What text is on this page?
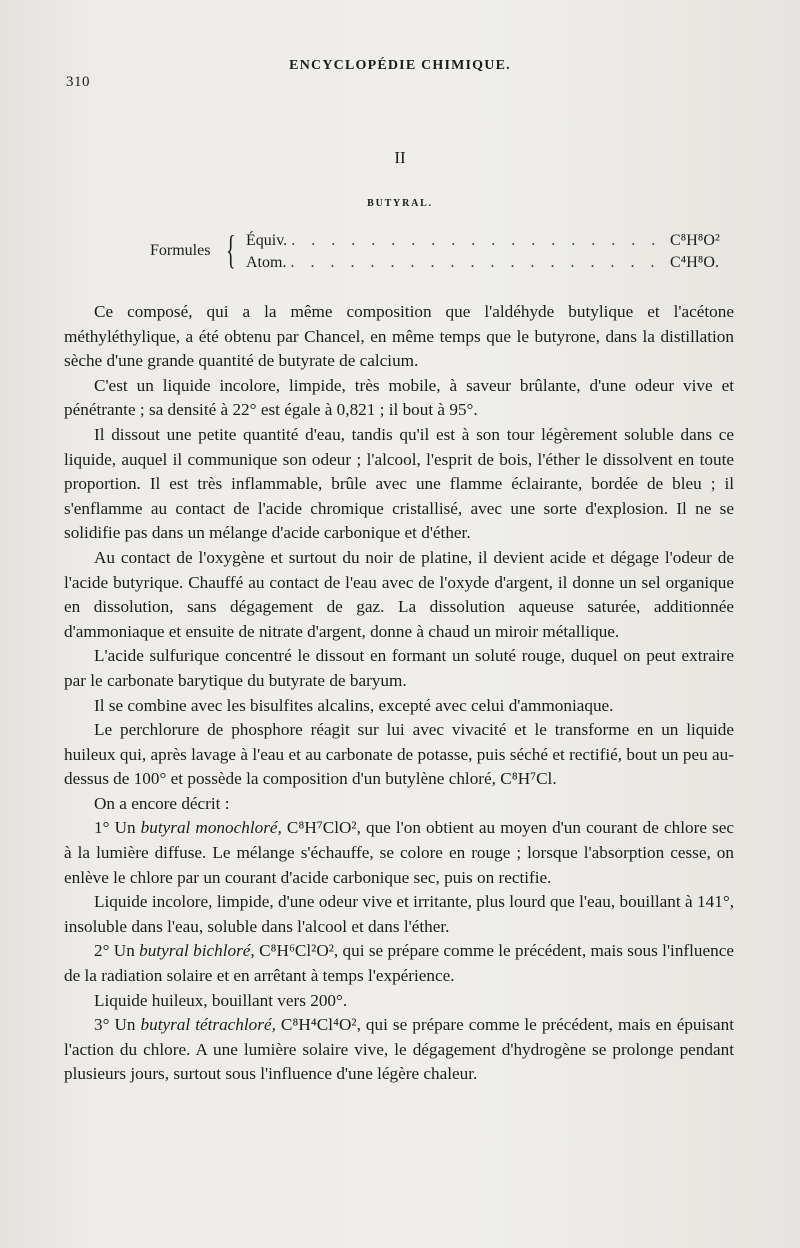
310
ENCYCLOPÉDIE CHIMIQUE.
II
BUTYRAL.
Formules { Équiv. . . .	C⁸H⁸O²
Atom. . . .	C⁴H⁸O.

Ce composé, qui a la même composition que l'aldéhyde butylique et l'acétone méthyléthylique, a été obtenu par Chancel, en même temps que le butyrone, dans la distillation sèche d'une grande quantité de butyrate de calcium.

C'est un liquide incolore, limpide, très mobile, à saveur brûlante, d'une odeur vive et pénétrante ; sa densité à 22° est égale à 0,821 ; il bout à 95°.

Il dissout une petite quantité d'eau, tandis qu'il est à son tour légèrement soluble dans ce liquide, auquel il communique son odeur ; l'alcool, l'esprit de bois, l'éther le dissolvent en toute proportion. Il est très inflammable, brûle avec une flamme éclairante, bordée de bleu ; il s'enflamme au contact de l'acide chromique cristallisé, avec une sorte d'explosion. Il ne se solidifie pas dans un mélange d'acide carbonique et d'éther.

Au contact de l'oxygène et surtout du noir de platine, il devient acide et dégage l'odeur de l'acide butyrique. Chauffé au contact de l'eau avec de l'oxyde d'argent, il donne un sel organique en dissolution, sans dégagement de gaz. La dissolution aqueuse saturée, additionnée d'ammoniaque et ensuite de nitrate d'argent, donne à chaud un miroir métallique.

L'acide sulfurique concentré le dissout en formant un soluté rouge, duquel on peut extraire par le carbonate barytique du butyrate de baryum.

Il se combine avec les bisulfites alcalins, excepté avec celui d'ammoniaque.

Le perchlorure de phosphore réagit sur lui avec vivacité et le transforme en un liquide huileux qui, après lavage à l'eau et au carbonate de potasse, puis séché et rectifié, bout un peu au-dessus de 100° et possède la composition d'un butylène chloré, C⁸H⁷Cl.

On a encore décrit :

1° Un butyral monochloré, C⁸H⁷ClO², que l'on obtient au moyen d'un courant de chlore sec à la lumière diffuse. Le mélange s'échauffe, se colore en rouge ; lorsque l'absorption cesse, on enlève le chlore par un courant d'acide carbonique sec, puis on rectifie.

Liquide incolore, limpide, d'une odeur vive et irritante, plus lourd que l'eau, bouillant à 141°, insoluble dans l'eau, soluble dans l'alcool et dans l'éther.

2° Un butyral bichloré, C⁸H⁶Cl²O², qui se prépare comme le précédent, mais sous l'influence de la radiation solaire et en arrêtant à temps l'expérience.

Liquide huileux, bouillant vers 200°.

3° Un butyral tétrachloré, C⁸H⁴Cl⁴O², qui se prépare comme le précédent, mais en épuisant l'action du chlore. A une lumière solaire vive, le dégagement d'hydrogène se prolonge pendant plusieurs jours, surtout sous l'influence d'une légère chaleur.
